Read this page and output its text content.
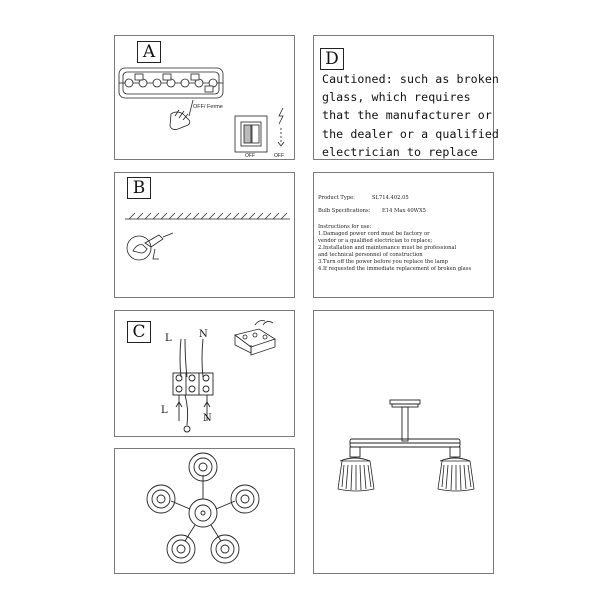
A
OFF/ Ferme
OFF	OFF
D
Cautioned: such as broken
glass, which requires
that the manufacturer or
the dealer or a qualified
electrician to replace
B	Product Type:	SL714.402.05
Bulb Specifications: E14 Max 40WX5
Instructions for use:
1.Damaged power cord must be factory or
vendor or a qualified electrician to replace;
2.Installation and maintenance must be professional
and technical personnel of construction
3.Turn off the power before you replace the lamp
4.If requested the immediate replacement of broken glass
C	L	N
L
N
